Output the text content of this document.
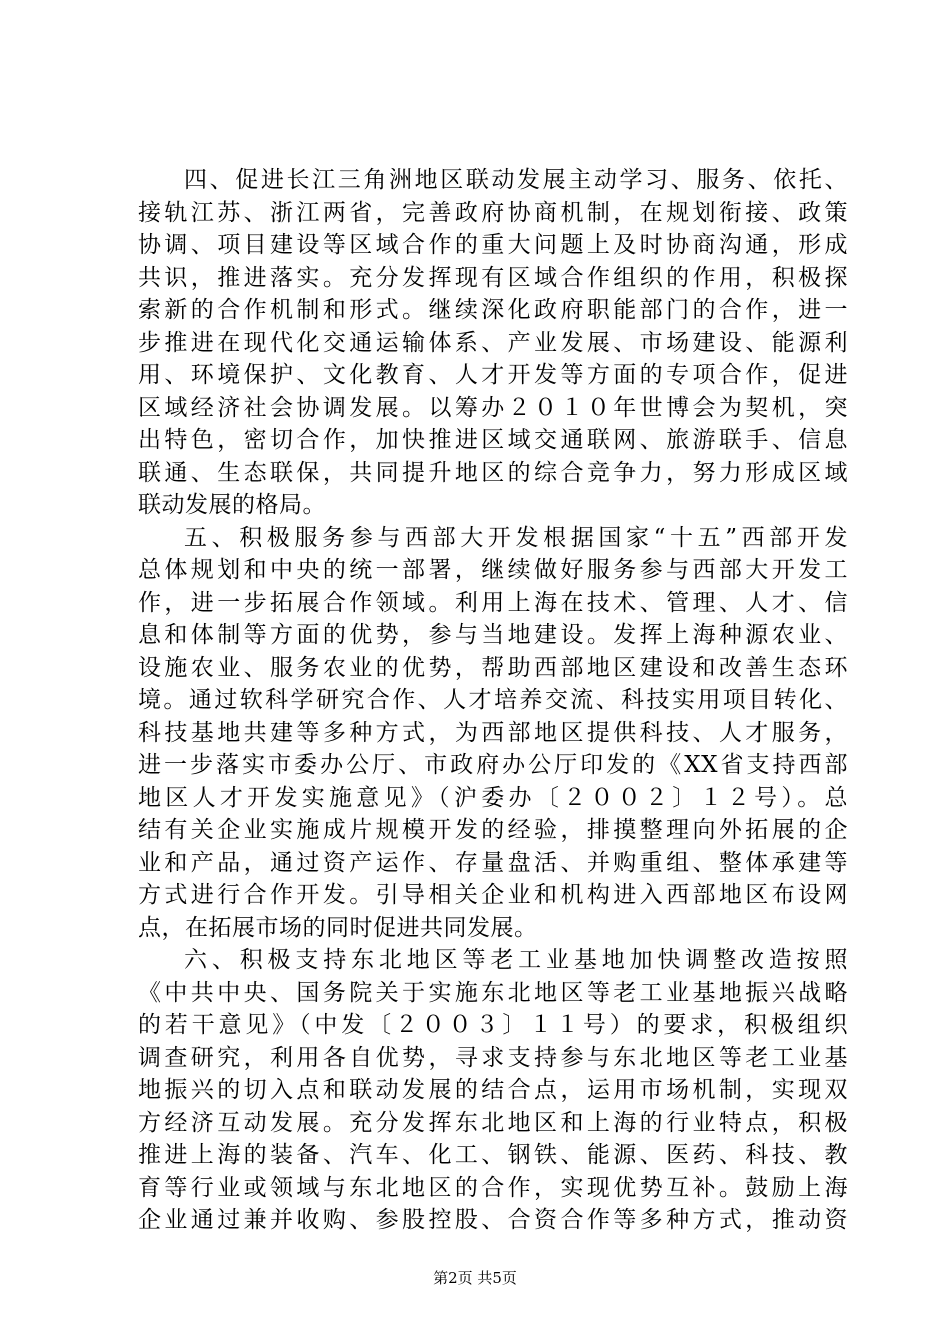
四、促进长江三角洲地区联动发展主动学习、服务、依托、
接轨江苏、浙江两省，完善政府协商机制，在规划衔接、政策
协调、项目建设等区域合作的重大问题上及时协商沟通，形成
共识，推进落实。充分发挥现有区域合作组织的作用，积极探
索新的合作机制和形式。继续深化政府职能部门的合作，进一
步推进在现代化交通运输体系、产业发展、市场建设、能源利
用、环境保护、文化教育、人才开发等方面的专项合作，促进
区域经济社会协调发展。以筹办２０１０年世博会为契机，突
出特色，密切合作，加快推进区域交通联网、旅游联手、信息
联通、生态联保，共同提升地区的综合竞争力，努力形成区域
联动发展的格局。
五、积极服务参与西部大开发根据国家“十五”西部开发
总体规划和中央的统一部署，继续做好服务参与西部大开发工
作，进一步拓展合作领域。利用上海在技术、管理、人才、信
息和体制等方面的优势，参与当地建设。发挥上海种源农业、
设施农业、服务农业的优势，帮助西部地区建设和改善生态环
境。通过软科学研究合作、人才培养交流、科技实用项目转化、
科技基地共建等多种方式，为西部地区提供科技、人才服务，
进一步落实市委办公厅、市政府办公厅印发的《XX省支持西部
地区人才开发实施意见》（沪委办〔２００２〕１２号）。总
结有关企业实施成片规模开发的经验，排摸整理向外拓展的企
业和产品，通过资产运作、存量盘活、并购重组、整体承建等
方式进行合作开发。引导相关企业和机构进入西部地区布设网
点，在拓展市场的同时促进共同发展。
六、积极支持东北地区等老工业基地加快调整改造按照
《中共中央、国务院关于实施东北地区等老工业基地振兴战略
的若干意见》（中发〔２００３〕１１号）的要求，积极组织
调查研究，利用各自优势，寻求支持参与东北地区等老工业基
地振兴的切入点和联动发展的结合点，运用市场机制，实现双
方经济互动发展。充分发挥东北地区和上海的行业特点，积极
推进上海的装备、汽车、化工、钢铁、能源、医药、科技、教
育等行业或领域与东北地区的合作，实现优势互补。鼓励上海
企业通过兼并收购、参股控股、合资合作等多种方式，推动资
第2页 共5页
